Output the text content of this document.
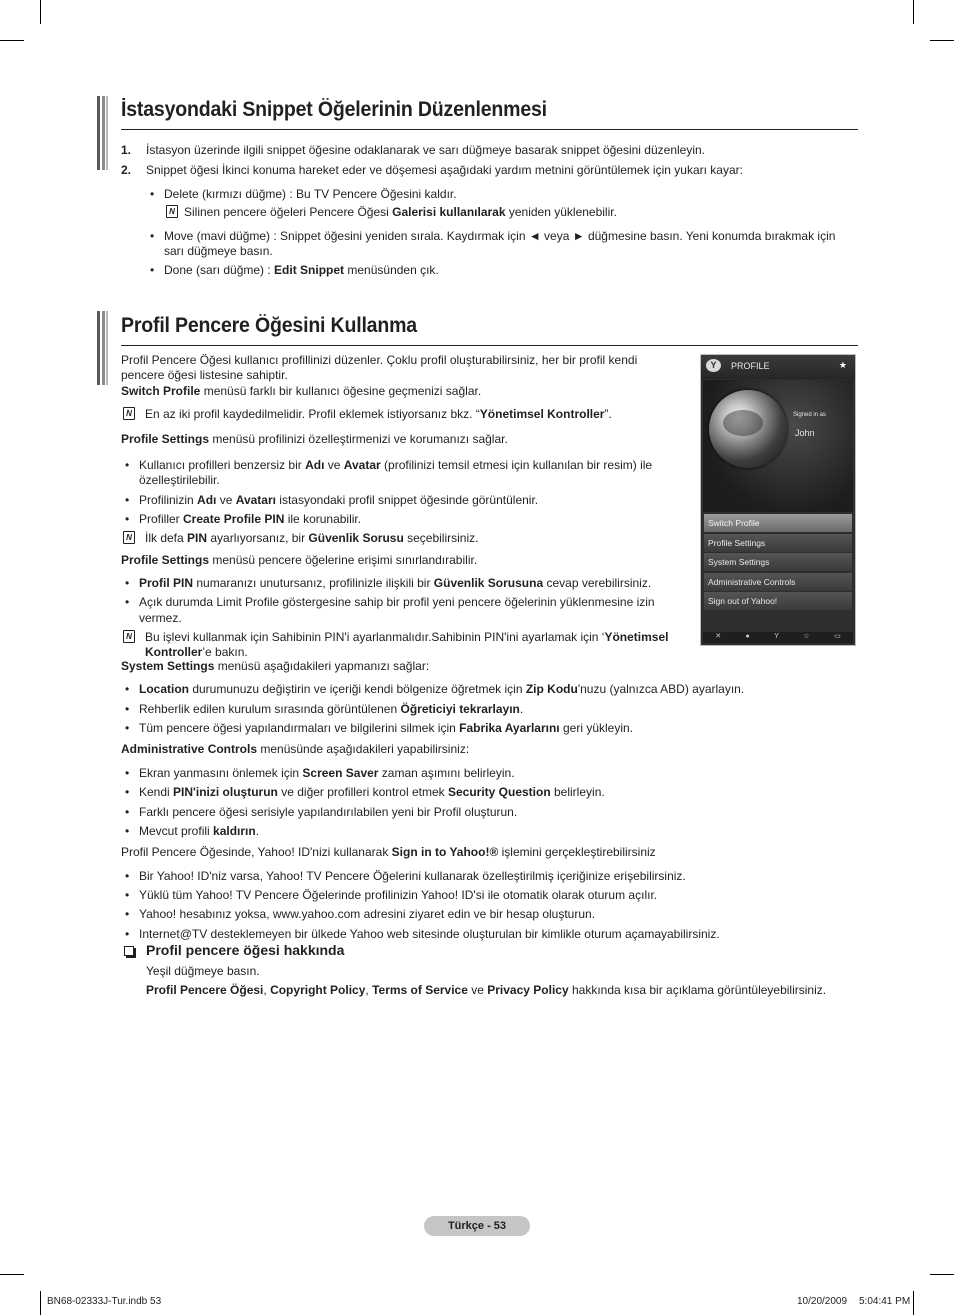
İstasyondaki Snippet Öğelerinin Düzenlenmesi

1. İstasyon üzerinde ilgili snippet öğesine odaklanarak ve sarı düğmeye basarak snippet öğesini düzenleyin.

2. Snippet öğesi İkinci konuma hareket eder ve döşemesi aşağıdaki yardım metnini görüntülemek için yukarı kayar:

• Delete (kırmızı düğme) : Bu TV Pencere Öğesini kaldır.

N Silinen pencere öğeleri Pencere Öğesi Galerisi kullanılarak yeniden yüklenebilir.

• Move (mavi düğme) : Snippet öğesini yeniden sırala. Kaydırmak için ◄ veya ► düğmesine basın. Yeni konumda bırakmak için sarı düğmeye basın.

• Done (sarı düğme) : Edit Snippet menüsünden çık.

Profil Pencere Öğesini Kullanma

Profil Pencere Öğesi kullanıcı profillinizi düzenler. Çoklu profil oluşturabilirsiniz, her bir profil kendi pencere öğesi listesine sahiptir.

Switch Profile menüsü farklı bir kullanıcı öğesine geçmenizi sağlar.

N En az iki profil kaydedilmelidir. Profil eklemek istiyorsanız bkz. “Yönetimsel Kontroller”.

Profile Settings menüsü profilinizi özelleştirmenizi ve korumanızı sağlar.

• Kullanıcı profilleri benzersiz bir Adı ve Avatar (profilinizi temsil etmesi için kullanılan bir resim) ile özelleştirilebilir.

• Profilinizin Adı ve Avatarı istasyondaki profil snippet öğesinde görüntülenir.

• Profiller Create Profile PIN ile korunabilir.

N İlk defa PIN ayarlıyorsanız, bir Güvenlik Sorusu seçebilirsiniz.

Profile Settings menüsü pencere öğelerine erişimi sınırlandırabilir.

• Profil PIN numaranızı unutursanız, profilinizle ilişkili bir Güvenlik Sorusuna cevap verebilirsiniz.

• Açık durumda Limit Profile göstergesine sahip bir profil yeni pencere öğelerinin yüklenmesine izin vermez.

N Bu işlevi kullanmak için Sahibinin PIN'i ayarlanmalıdır.Sahibinin PIN'ini ayarlamak için ‘Yönetimsel Kontroller’e bakın.

System Settings menüsü aşağıdakileri yapmanızı sağlar:

• Location durumunuzu değiştirin ve içeriği kendi bölgenize öğretmek için Zip Kodu'nuzu (yalnızca ABD) ayarlayın.

• Rehberlik edilen kurulum sırasında görüntülenen Öğreticiyi tekrarlayın.

• Tüm pencere öğesi yapılandırmaları ve bilgilerini silmek için Fabrika Ayarlarını geri yükleyin.

Administrative Controls menüsünde aşağıdakileri yapabilirsiniz:

• Ekran yanmasını önlemek için Screen Saver zaman aşımını belirleyin.

• Kendi PIN'inizi oluşturun ve diğer profilleri kontrol etmek Security Question belirleyin.

• Farklı pencere öğesi serisiyle yapılandırılabilen yeni bir Profil oluşturun.

• Mevcut profili kaldırın.

Profil Pencere Öğesinde, Yahoo! ID'nizi kullanarak Sign in to Yahoo!® işlemini gerçekleştirebilirsiniz

• Bir Yahoo! ID'niz varsa, Yahoo! TV Pencere Öğelerini kullanarak özelleştirilmiş içeriğinize erişebilirsiniz.

• Yüklü tüm Yahoo! TV Pencere Öğelerinde profilinizin Yahoo! ID'si ile otomatik olarak oturum açılır.

• Yahoo! hesabınız yoksa, www.yahoo.com adresini ziyaret edin ve bir hesap oluşturun.

• Internet@TV desteklemeyen bir ülkede Yahoo web sitesinde oluşturulan bir kimlikle oturum açamayabilirsiniz.

Y	PROFILE	★
Signed in as
John
Switch Profile
Profile Settings
System Settings
Administrative Controls
Sign out of Yahoo!
✕	●	Y	☆	▭
Profil pencere öğesi hakkında

Yeşil düğmeye basın.

Profil Pencere Öğesi, Copyright Policy, Terms of Service ve Privacy Policy hakkında kısa bir açıklama görüntüleyebilirsiniz.

Türkçe - 53
BN68-02333J-Tur.indb 53	10/20/2009 5:04:41 PM
